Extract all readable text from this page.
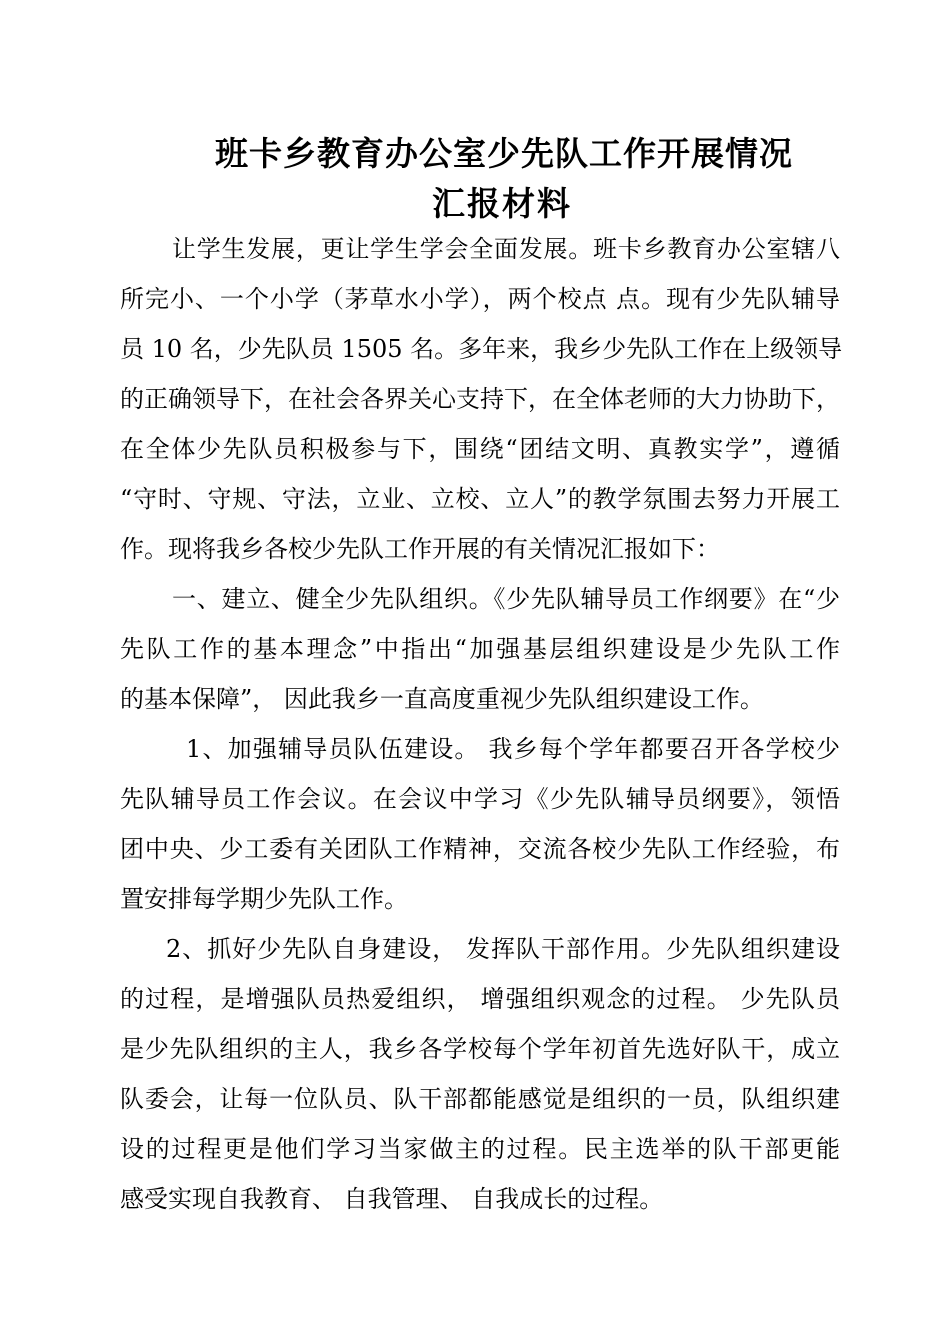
班卡乡教育办公室少先队工作开展情况
汇报材料

让学生发展，更让学生学会全面发展。班卡乡教育办公室辖八

所完小、一个小学（茅草水小学），两个校点 点。现有少先队辅导

员 10 名，少先队员 1505 名。多年来，我乡少先队工作在上级领导

的正确领导下，在社会各界关心支持下，在全体老师的大力协助下，

在全体少先队员积极参与下，围绕“团结文明、真教实学”，遵循

“守时、守规、守法，立业、立校、立人”的教学氛围去努力开展工

作。现将我乡各校少先队工作开展的有关情况汇报如下：

一、建立、健全少先队组织。《少先队辅导员工作纲要》在“少

先队工作的基本理念”中指出“加强基层组织建设是少先队工作

的基本保障”， 因此我乡一直高度重视少先队组织建设工作。

1、加强辅导员队伍建设。 我乡每个学年都要召开各学校少

先队辅导员工作会议。在会议中学习《少先队辅导员纲要》，领悟

团中央、少工委有关团队工作精神，交流各校少先队工作经验，布

置安排每学期少先队工作。

2、抓好少先队自身建设， 发挥队干部作用。少先队组织建设

的过程，是增强队员热爱组织， 增强组织观念的过程。 少先队员

是少先队组织的主人，我乡各学校每个学年初首先选好队干，成立

队委会，让每一位队员、队干部都能感觉是组织的一员，队组织建

设的过程更是他们学习当家做主的过程。民主选举的队干部更能

感受实现自我教育、 自我管理、 自我成长的过程。
